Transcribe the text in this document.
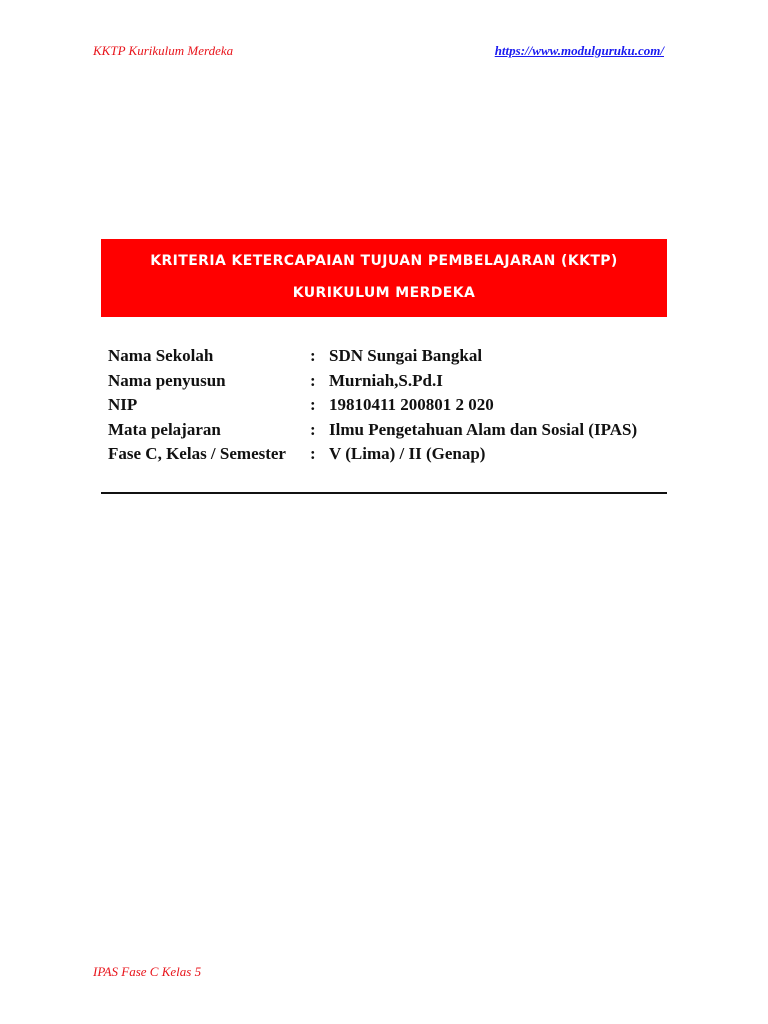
KKTP Kurikulum Merdeka	https://www.modulguruku.com/
KRITERIA KETERCAPAIAN TUJUAN PEMBELAJARAN (KKTP)
KURIKULUM MERDEKA
Nama Sekolah	: SDN Sungai Bangkal
Nama penyusun	: Murniah,S.Pd.I
NIP	: 19810411 200801 2 020
Mata pelajaran	: Ilmu Pengetahuan Alam dan Sosial (IPAS)
Fase C, Kelas / Semester : V (Lima) / II (Genap)
IPAS Fase C Kelas 5
